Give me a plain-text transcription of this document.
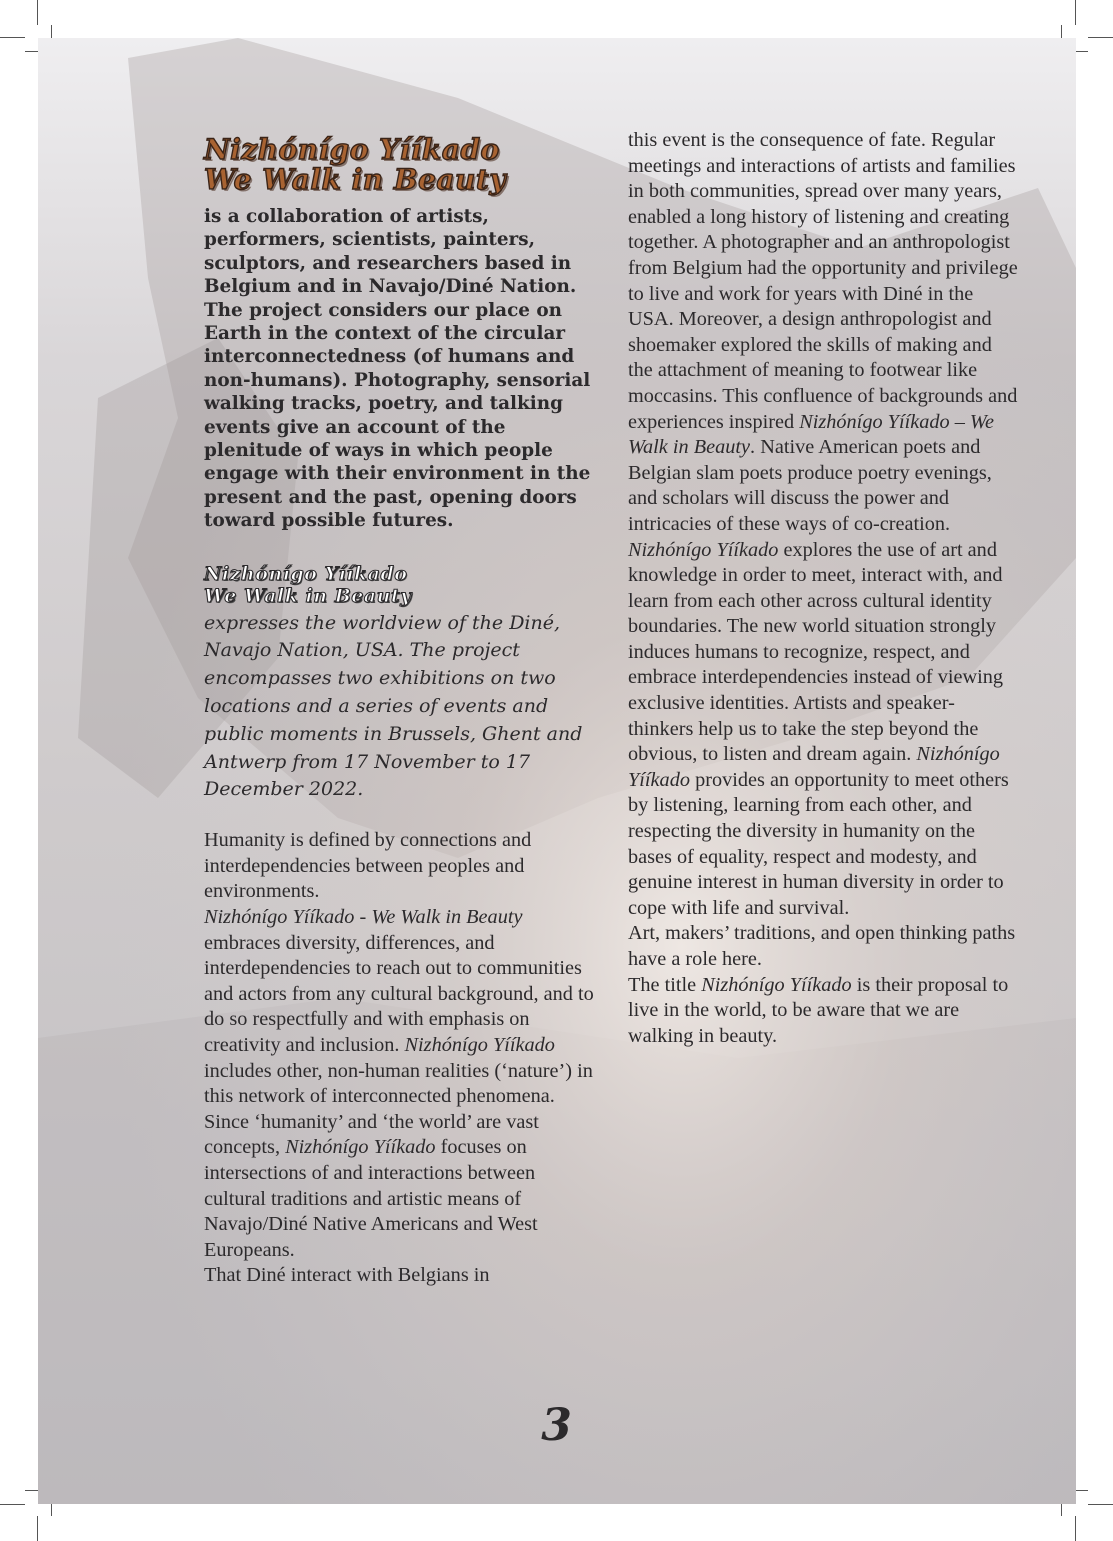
Nizhónígo Yííkado
We Walk in Beauty
is a collaboration of artists, performers, scientists, painters, sculptors, and researchers based in Belgium and in Navajo/Diné Nation. The project considers our place on Earth in the context of the circular interconnectedness (of humans and non-humans). Photography, sensorial walking tracks, poetry, and talking events give an account of the plenitude of ways in which people engage with their environment in the present and the past, opening doors toward possible futures.
Nizhónígo Yííkado
We Walk in Beauty
expresses the worldview of the Diné, Navajo Nation, USA. The project encompasses two exhibitions on two locations and a series of events and public moments in Brussels, Ghent and Antwerp from 17 November to 17 December 2022.
Humanity is defined by connections and interdependencies between peoples and environments.
Nizhónígo Yííkado - We Walk in Beauty embraces diversity, differences, and interdependencies to reach out to communities and actors from any cultural background, and to do so respectfully and with emphasis on creativity and inclusion. Nizhónígo Yííkado includes other, non-human realities (‘nature’) in this network of interconnected phenomena.
Since ‘humanity’ and ‘the world’ are vast concepts, Nizhónígo Yííkado focuses on intersections of and interactions between cultural traditions and artistic means of Navajo/Diné Native Americans and West Europeans.
That Diné interact with Belgians in
this event is the consequence of fate. Regular meetings and interactions of artists and families in both communities, spread over many years, enabled a long history of listening and creating together. A photographer and an anthropologist from Belgium had the opportunity and privilege to live and work for years with Diné in the USA. Moreover, a design anthropologist and shoemaker explored the skills of making and the attachment of meaning to footwear like moccasins. This confluence of backgrounds and experiences inspired Nizhónígo Yííkado – We Walk in Beauty. Native American poets and Belgian slam poets produce poetry evenings, and scholars will discuss the power and intricacies of these ways of co-creation. Nizhónígo Yííkado explores the use of art and knowledge in order to meet, interact with, and learn from each other across cultural identity boundaries. The new world situation strongly induces humans to recognize, respect, and embrace interdependencies instead of viewing exclusive identities. Artists and speaker-thinkers help us to take the step beyond the obvious, to listen and dream again. Nizhónígo Yííkado provides an opportunity to meet others by listening, learning from each other, and respecting the diversity in humanity on the bases of equality, respect and modesty, and genuine interest in human diversity in order to cope with life and survival.
Art, makers’ traditions, and open thinking paths have a role here.
The title Nizhónígo Yííkado is their proposal to live in the world, to be aware that we are walking in beauty.
3
